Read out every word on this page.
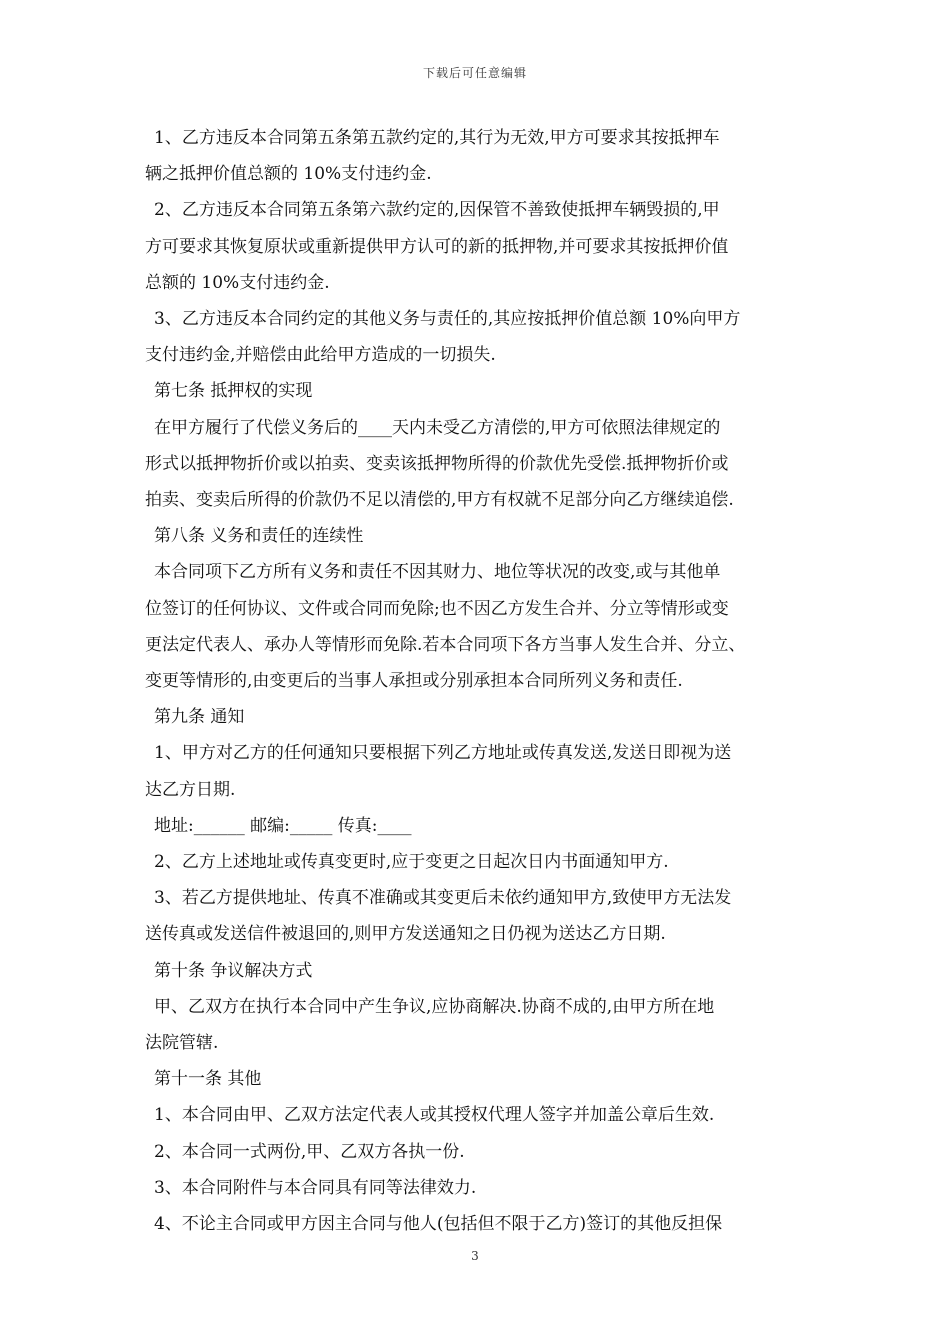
下载后可任意编辑
1、乙方违反本合同第五条第五款约定的,其行为无效,甲方可要求其按抵押车
辆之抵押价值总额的 10%支付违约金.
2、乙方违反本合同第五条第六款约定的,因保管不善致使抵押车辆毁损的,甲
方可要求其恢复原状或重新提供甲方认可的新的抵押物,并可要求其按抵押价值
总额的 10%支付违约金.
3、乙方违反本合同约定的其他义务与责任的,其应按抵押价值总额 10%向甲方
支付违约金,并赔偿由此给甲方造成的一切损失.
第七条 抵押权的实现
在甲方履行了代偿义务后的____天内未受乙方清偿的,甲方可依照法律规定的
形式以抵押物折价或以拍卖、变卖该抵押物所得的价款优先受偿.抵押物折价或
拍卖、变卖后所得的价款仍不足以清偿的,甲方有权就不足部分向乙方继续追偿.
第八条 义务和责任的连续性
本合同项下乙方所有义务和责任不因其财力、地位等状况的改变,或与其他单
位签订的任何协议、文件或合同而免除;也不因乙方发生合并、分立等情形或变
更法定代表人、承办人等情形而免除.若本合同项下各方当事人发生合并、分立、
变更等情形的,由变更后的当事人承担或分别承担本合同所列义务和责任.
第九条 通知
1、甲方对乙方的任何通知只要根据下列乙方地址或传真发送,发送日即视为送
达乙方日期.
地址:______ 邮编:_____ 传真:____
2、乙方上述地址或传真变更时,应于变更之日起次日内书面通知甲方.
3、若乙方提供地址、传真不准确或其变更后未依约通知甲方,致使甲方无法发
送传真或发送信件被退回的,则甲方发送通知之日仍视为送达乙方日期.
第十条 争议解决方式
甲、乙双方在执行本合同中产生争议,应协商解决.协商不成的,由甲方所在地
法院管辖.
第十一条 其他
1、本合同由甲、乙双方法定代表人或其授权代理人签字并加盖公章后生效.
2、本合同一式两份,甲、乙双方各执一份.
3、本合同附件与本合同具有同等法律效力.
4、不论主合同或甲方因主合同与他人(包括但不限于乙方)签订的其他反担保
3
